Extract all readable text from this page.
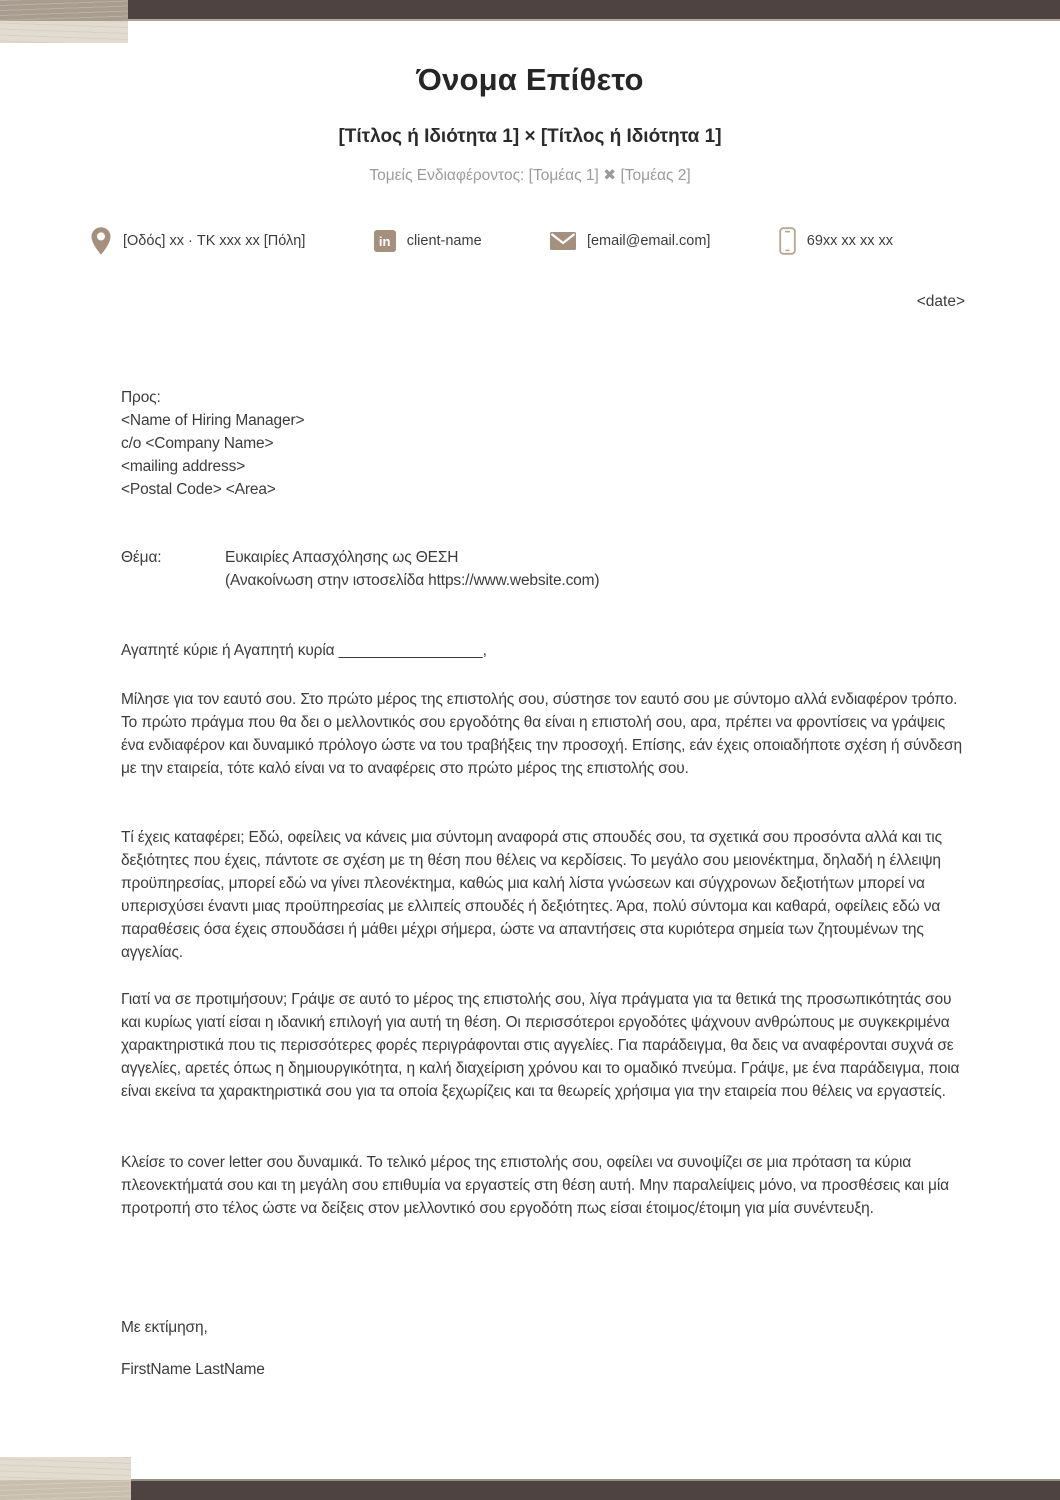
Όνομα Επίθετο
[Τίτλος ή Ιδιότητα 1] × [Τίτλος ή Ιδιότητα 1]
Τομείς Ενδιαφέροντος: [Τομέας 1] ✖ [Τομέας 2]
[Οδός] xx · ΤΚ xxx xx [Πόλη]	in	client-name	[email@email.com]	69xx xx xx xx
<date>
Προς:
<Name of Hiring Manager>
c/o <Company Name>
<mailing address>
<Postal Code> <Area>
Θέμα:	Ευκαιρίες Απασχόλησης ως ΘΕΣΗ
(Ανακοίνωση στην ιστοσελίδα https://www.website.com)
Αγαπητέ κύριε ή Αγαπητή κυρία _________________,
Μίλησε για τον εαυτό σου. Στο πρώτο μέρος της επιστολής σου, σύστησε τον εαυτό σου με σύντομο αλλά ενδιαφέρον τρόπο. Το πρώτο πράγμα που θα δει ο μελλοντικός σου εργοδότης θα είναι η επιστολή σου, αρα, πρέπει να φροντίσεις να γράψεις ένα ενδιαφέρον και δυναμικό πρόλογο ώστε να του τραβήξεις την προσοχή. Επίσης, εάν έχεις οποιαδήποτε σχέση ή σύνδεση με την εταιρεία, τότε καλό είναι να το αναφέρεις στο πρώτο μέρος της επιστολής σου.
Τί έχεις καταφέρει; Εδώ, οφείλεις να κάνεις μια σύντομη αναφορά στις σπουδές σου, τα σχετικά σου προσόντα αλλά και τις δεξιότητες που έχεις, πάντοτε σε σχέση με τη θέση που θέλεις να κερδίσεις. Το μεγάλο σου μειονέκτημα, δηλαδή η έλλειψη προϋπηρεσίας, μπορεί εδώ να γίνει πλεονέκτημα, καθώς μια καλή λίστα γνώσεων και σύγχρονων δεξιοτήτων μπορεί να υπερισχύσει έναντι μιας προϋπηρεσίας με ελλιπείς σπουδές ή δεξιότητες. Άρα, πολύ σύντομα και καθαρά, οφείλεις εδώ να παραθέσεις όσα έχεις σπουδάσει ή μάθει μέχρι σήμερα, ώστε να απαντήσεις στα κυριότερα σημεία των ζητουμένων της αγγελίας.
Γιατί να σε προτιμήσουν; Γράψε σε αυτό το μέρος της επιστολής σου, λίγα πράγματα για τα θετικά της προσωπικότητάς σου και κυρίως γιατί είσαι η ιδανική επιλογή για αυτή τη θέση. Οι περισσότεροι εργοδότες ψάχνουν ανθρώπους με συγκεκριμένα χαρακτηριστικά που τις περισσότερες φορές περιγράφονται στις αγγελίες. Για παράδειγμα, θα δεις να αναφέρονται συχνά σε αγγελίες, αρετές όπως η δημιουργικότητα, η καλή διαχείριση χρόνου και το ομαδικό πνεύμα. Γράψε, με ένα παράδειγμα, ποια είναι εκείνα τα χαρακτηριστικά σου για τα οποία ξεχωρίζεις και τα θεωρείς χρήσιμα για την εταιρεία που θέλεις να εργαστείς.
Κλείσε το cover letter σου δυναμικά. Το τελικό μέρος της επιστολής σου, οφείλει να συνοψίζει σε μια πρόταση τα κύρια πλεονεκτήματά σου και τη μεγάλη σου επιθυμία να εργαστείς στη θέση αυτή. Μην παραλείψεις μόνο, να προσθέσεις και μία προτροπή στο τέλος ώστε να δείξεις στον μελλοντικό σου εργοδότη πως είσαι έτοιμος/έτοιμη για μία συνέντευξη.
Με εκτίμηση,
FirstName LastName
